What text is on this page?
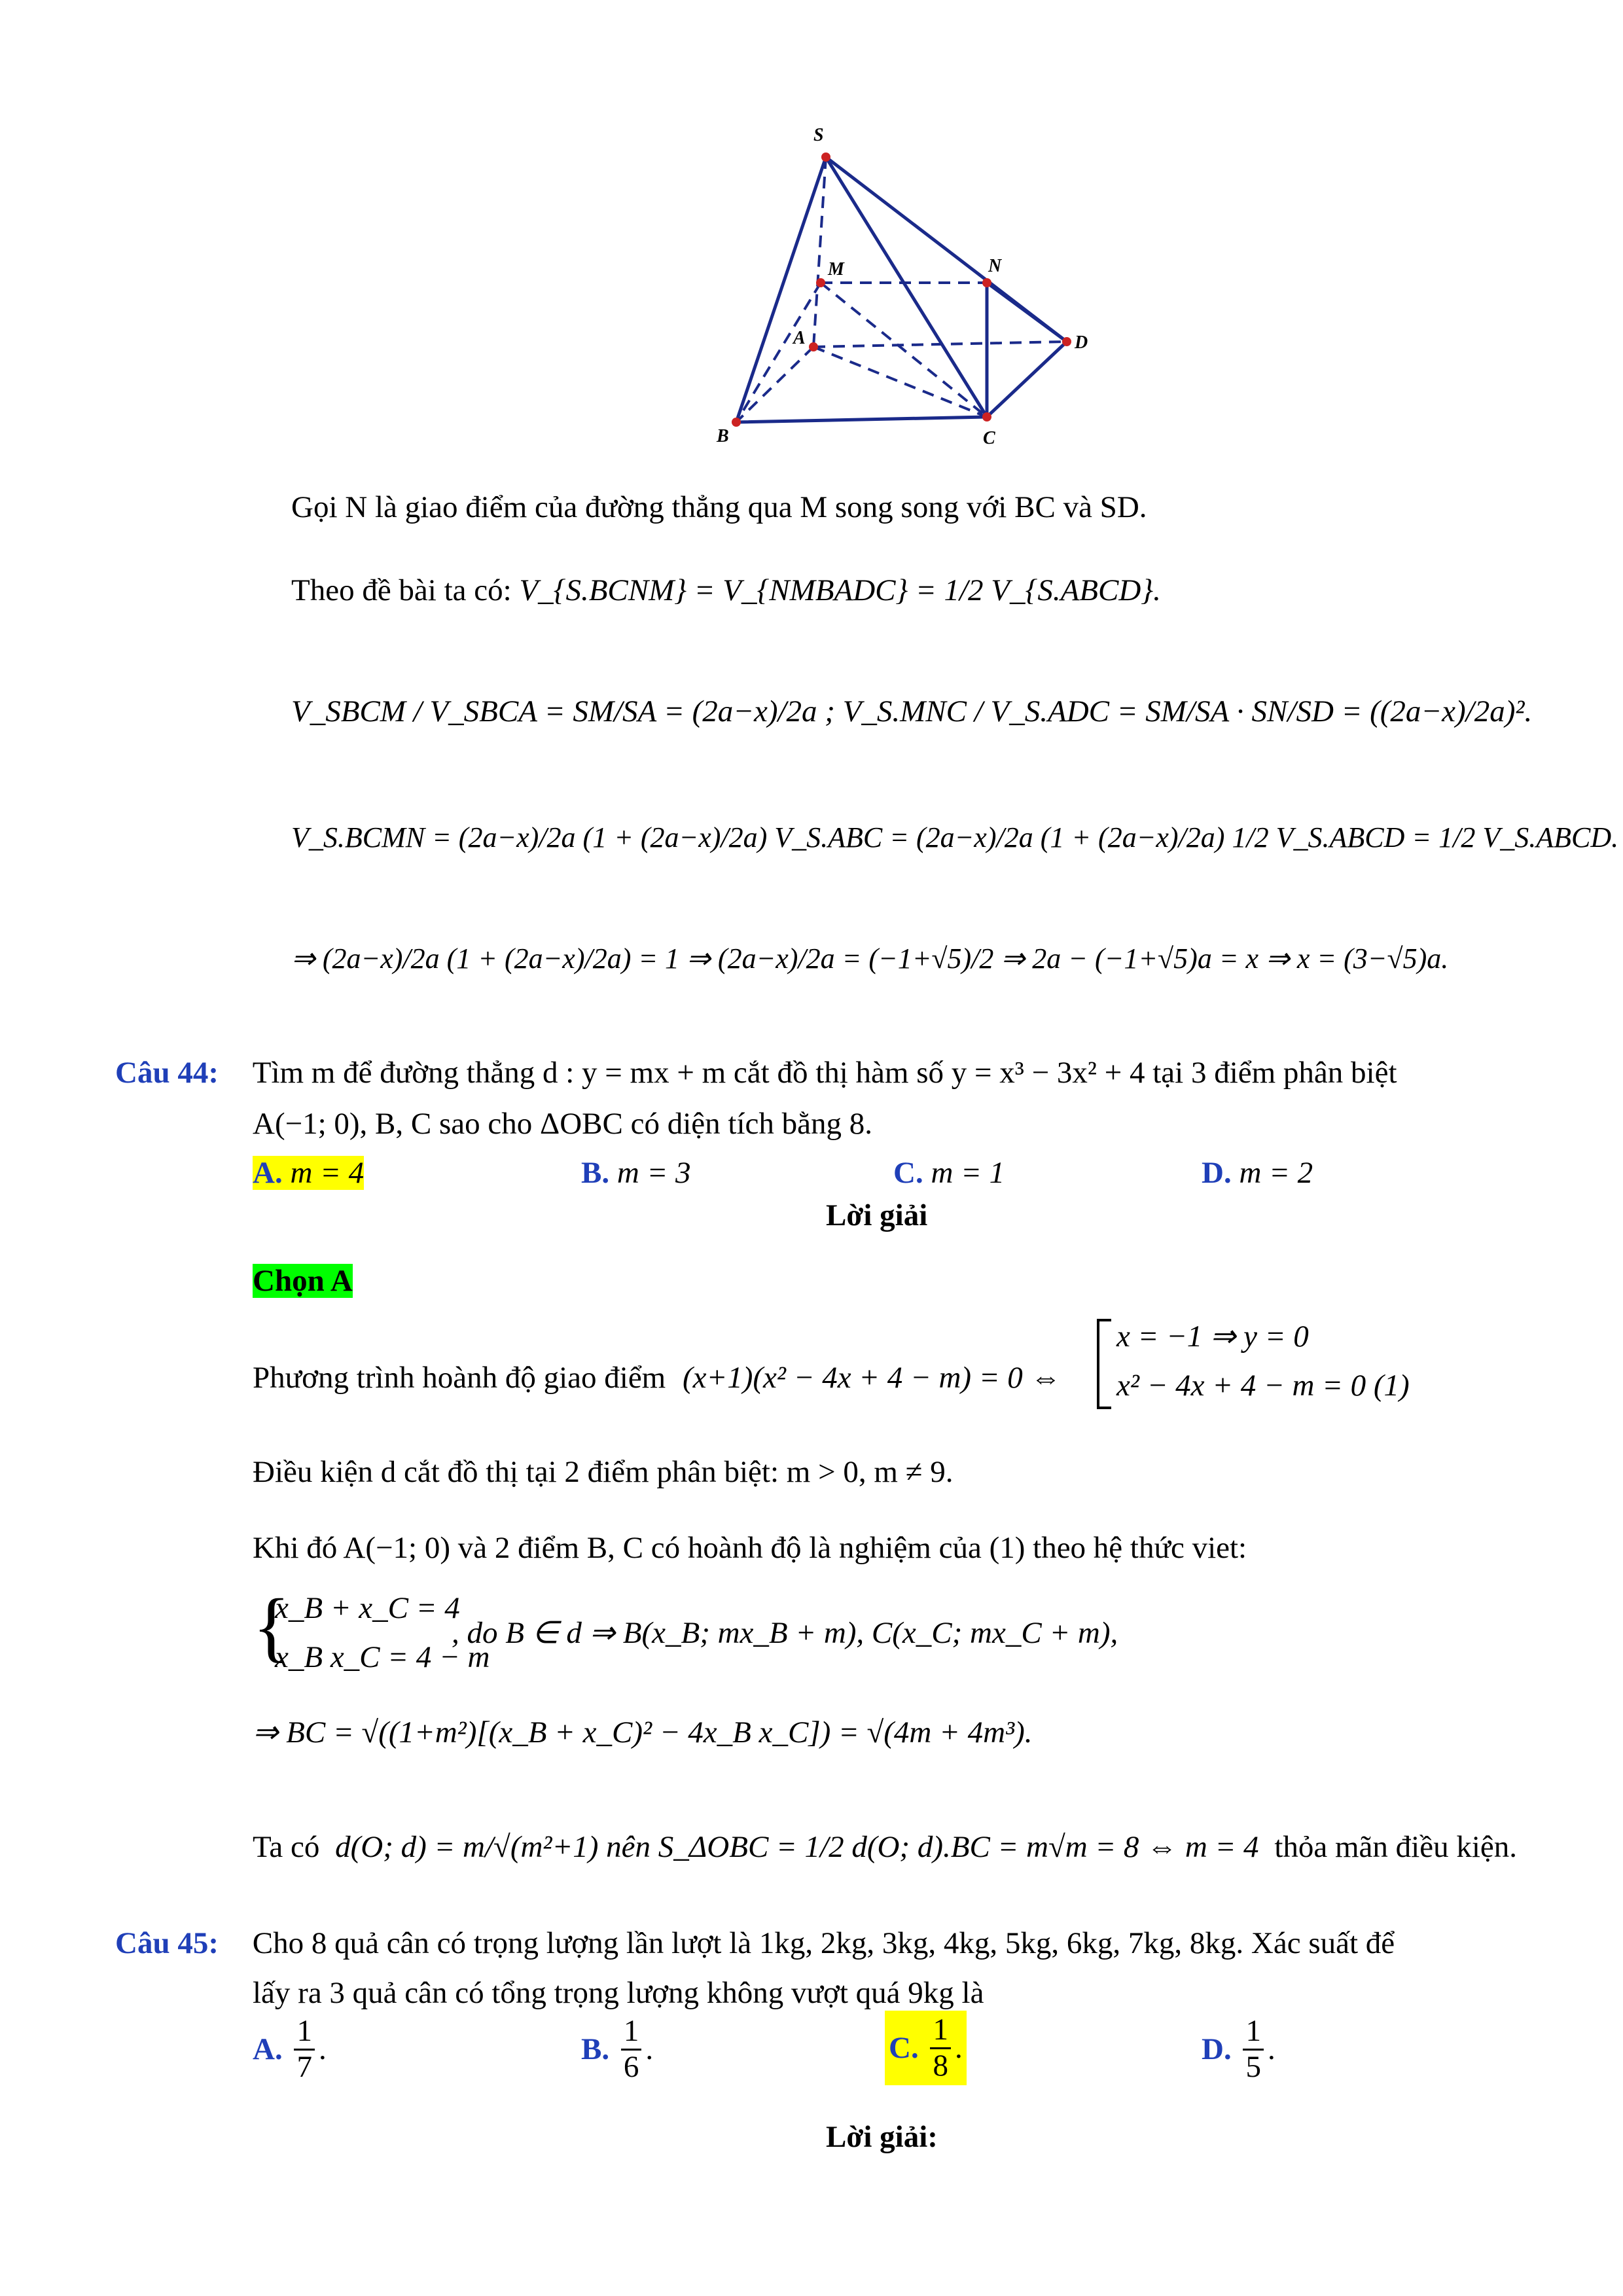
S
M	N
A	D
B	C
Gọi N là giao điểm của đường thẳng qua M song song với BC và SD.
Theo đề bài ta có: V_{S.BCNM} = V_{NMBADC} = 1/2 V_{S.ABCD}.
V_SBCM / V_SBCA = SM/SA = (2a−x)/2a ; V_S.MNC / V_S.ADC = SM/SA · SN/SD = ((2a−x)/2a)².
V_S.BCMN = (2a−x)/2a (1 + (2a−x)/2a) V_S.ABC = (2a−x)/2a (1 + (2a−x)/2a) 1/2 V_S.ABCD = 1/2 V_S.ABCD.
⇒ (2a−x)/2a (1 + (2a−x)/2a) = 1 ⇒ (2a−x)/2a = (−1+√5)/2 ⇒ 2a − (−1+√5)a = x ⇒ x = (3−√5)a.
Câu 44: Tìm m để đường thẳng d : y = mx + m cắt đồ thị hàm số y = x³ − 3x² + 4 tại 3 điểm phân biệt
A(−1; 0), B, C sao cho ΔOBC có diện tích bằng 8.
A. m = 4	B. m = 3	C. m = 1	D. m = 2
Lời giải
Chọn A
Phương trình hoành độ giao điểm (x+1)(x² − 4x + 4 − m) = 0 ⇔
x = −1 ⇒ y = 0
x² − 4x + 4 − m = 0 (1)
Điều kiện d cắt đồ thị tại 2 điểm phân biệt: m > 0, m ≠ 9.
Khi đó A(−1; 0) và 2 điểm B, C có hoành độ là nghiệm của (1) theo hệ thức viet:
{
x_B + x_C = 4
x_B x_C = 4 − m
, do B ∈ d ⇒ B(x_B; mx_B + m), C(x_C; mx_C + m),
⇒ BC = √((1+m²)[(x_B + x_C)² − 4x_B x_C]) = √(4m + 4m³).
Ta có d(O; d) = m/√(m²+1) nên S_ΔOBC = 1/2 d(O; d).BC = m√m = 8 ⇔ m = 4 thỏa mãn điều kiện.
Câu 45: Cho 8 quả cân có trọng lượng lần lượt là 1kg, 2kg, 3kg, 4kg, 5kg, 6kg, 7kg, 8kg. Xác suất để
lấy ra 3 quả cân có tổng trọng lượng không vượt quá 9kg là
A. $\frac{1}{7}$ .	B. $\frac{1}{6}$ .	C. $\frac{1}{8}$ .	D. $\frac{1}{5}$ .
Lời giải:
